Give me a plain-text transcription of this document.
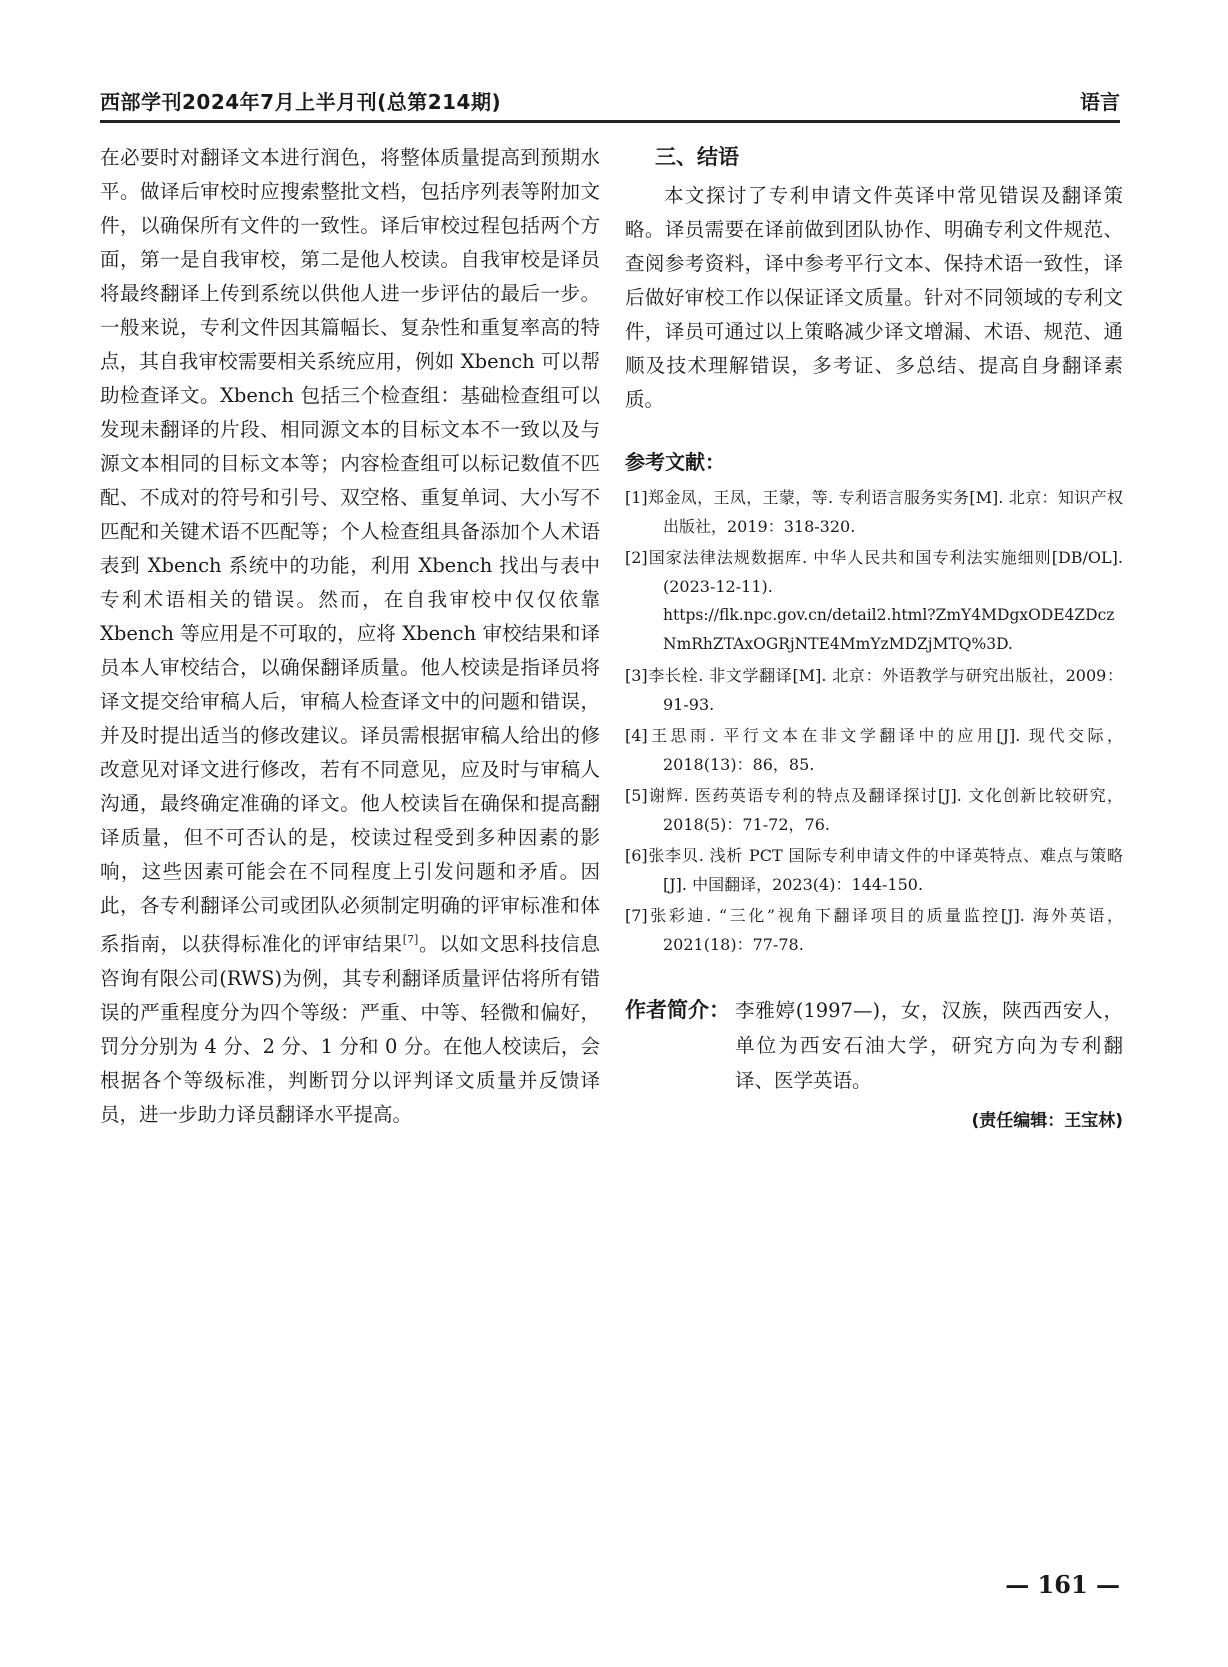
西部学刊2024年7月上半月刊(总第214期)	语言

在必要时对翻译文本进行润色，将整体质量提高到预期水平。做译后审校时应搜索整批文档，包括序列表等附加文件，以确保所有文件的一致性。译后审校过程包括两个方面，第一是自我审校，第二是他人校读。自我审校是译员将最终翻译上传到系统以供他人进一步评估的最后一步。一般来说，专利文件因其篇幅长、复杂性和重复率高的特点，其自我审校需要相关系统应用，例如 Xbench 可以帮助检查译文。Xbench 包括三个检查组：基础检查组可以发现未翻译的片段、相同源文本的目标文本不一致以及与源文本相同的目标文本等；内容检查组可以标记数值不匹配、不成对的符号和引号、双空格、重复单词、大小写不匹配和关键术语不匹配等；个人检查组具备添加个人术语表到 Xbench 系统中的功能，利用 Xbench 找出与表中专利术语相关的错误。然而，在自我审校中仅仅依靠 Xbench 等应用是不可取的，应将 Xbench 审校结果和译员本人审校结合，以确保翻译质量。他人校读是指译员将译文提交给审稿人后，审稿人检查译文中的问题和错误，并及时提出适当的修改建议。译员需根据审稿人给出的修改意见对译文进行修改，若有不同意见，应及时与审稿人沟通，最终确定准确的译文。他人校读旨在确保和提高翻译质量，但不可否认的是，校读过程受到多种因素的影响，这些因素可能会在不同程度上引发问题和矛盾。因此，各专利翻译公司或团队必须制定明确的评审标准和体系指南，以获得标准化的评审结果[7]。以如文思科技信息咨询有限公司(RWS)为例，其专利翻译质量评估将所有错误的严重程度分为四个等级：严重、中等、轻微和偏好，罚分分别为 4 分、2 分、1 分和 0 分。在他人校读后，会根据各个等级标准，判断罚分以评判译文质量并反馈译员，进一步助力译员翻译水平提高。

三、结语

本文探讨了专利申请文件英译中常见错误及翻译策略。译员需要在译前做到团队协作、明确专利文件规范、查阅参考资料，译中参考平行文本、保持术语一致性，译后做好审校工作以保证译文质量。针对不同领域的专利文件，译员可通过以上策略减少译文增漏、术语、规范、通顺及技术理解错误，多考证、多总结、提高自身翻译素质。

参考文献：

[1]郑金凤，王凤，王蒙，等. 专利语言服务实务[M]. 北京：知识产权出版社，2019：318-320.

[2]国家法律法规数据库. 中华人民共和国专利法实施细则[DB/OL]. (2023-12-11).
https://flk.npc.gov.cn/detail2.html?ZmY4MDgxODE4ZDczNmRhZTAxOGRjNTE4MmYzMDZjMTQ%3D.

[3]李长栓. 非文学翻译[M]. 北京：外语教学与研究出版社，2009：91-93.

[4]王思雨. 平行文本在非文学翻译中的应用[J]. 现代交际，2018(13)：86，85.

[5]谢辉. 医药英语专利的特点及翻译探讨[J]. 文化创新比较研究，2018(5)：71-72，76.

[6]张李贝. 浅析 PCT 国际专利申请文件的中译英特点、难点与策略[J]. 中国翻译，2023(4)：144-150.

[7]张彩迪. “三化”视角下翻译项目的质量监控[J]. 海外英语，2021(18)：77-78.

作者简介： 李雅婷(1997—)，女，汉族，陕西西安人，单位为西安石油大学，研究方向为专利翻译、医学英语。
(责任编辑：王宝林)
— 161 —
